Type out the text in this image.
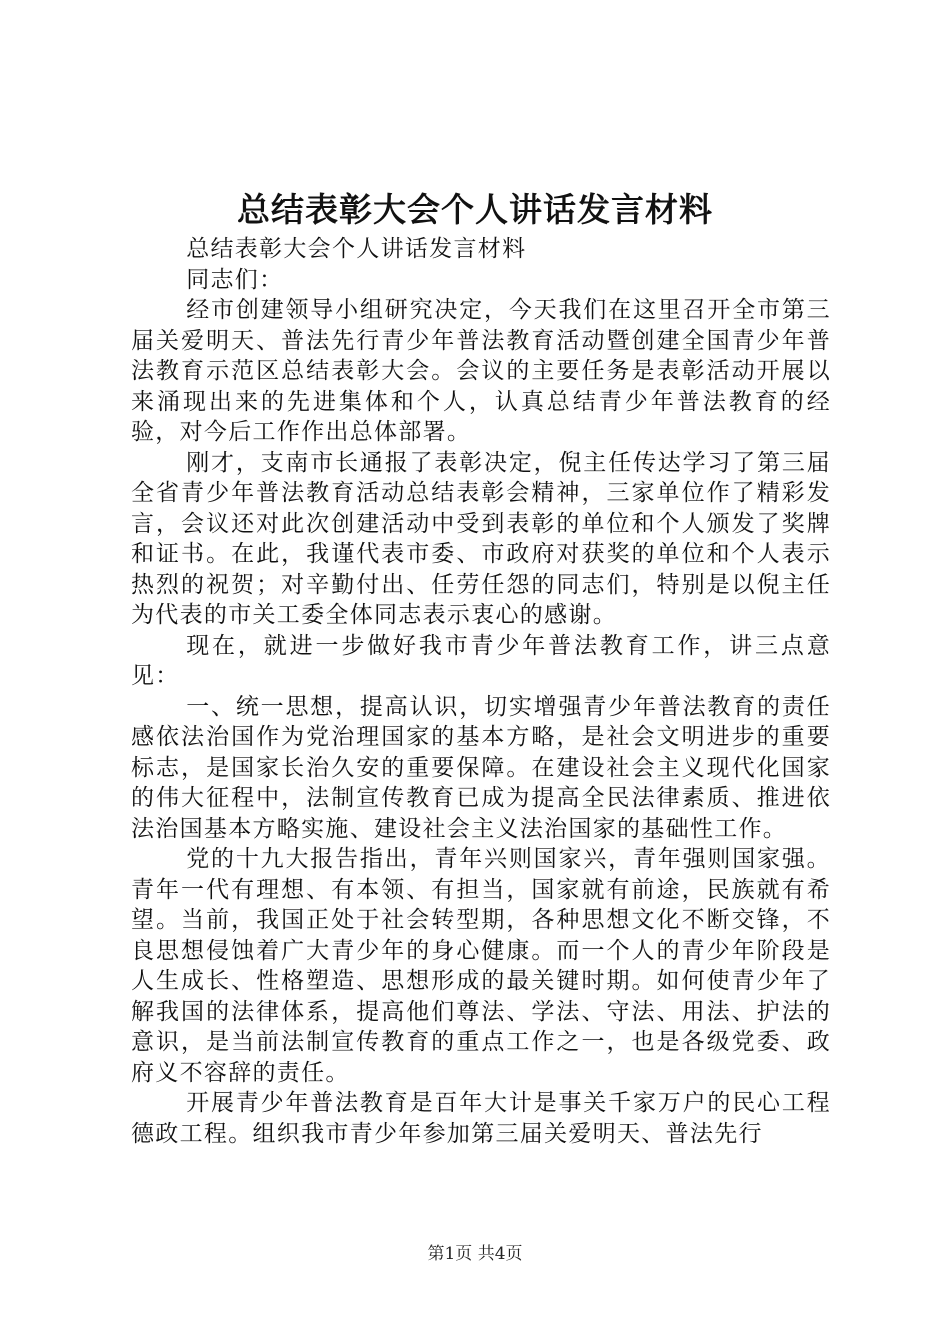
总结表彰大会个人讲话发言材料

总结表彰大会个人讲话发言材料

同志们：

经市创建领导小组研究决定，今天我们在这里召开全市第三届关爱明天、普法先行青少年普法教育活动暨创建全国青少年普法教育示范区总结表彰大会。会议的主要任务是表彰活动开展以来涌现出来的先进集体和个人，认真总结青少年普法教育的经验，对今后工作作出总体部署。

刚才，支南市长通报了表彰决定，倪主任传达学习了第三届全省青少年普法教育活动总结表彰会精神，三家单位作了精彩发言，会议还对此次创建活动中受到表彰的单位和个人颁发了奖牌和证书。在此，我谨代表市委、市政府对获奖的单位和个人表示热烈的祝贺；对辛勤付出、任劳任怨的同志们，特别是以倪主任为代表的市关工委全体同志表示衷心的感谢。

现在，就进一步做好我市青少年普法教育工作，讲三点意见：

一、统一思想，提高认识，切实增强青少年普法教育的责任感依法治国作为党治理国家的基本方略，是社会文明进步的重要标志，是国家长治久安的重要保障。在建设社会主义现代化国家的伟大征程中，法制宣传教育已成为提高全民法律素质、推进依法治国基本方略实施、建设社会主义法治国家的基础性工作。

党的十九大报告指出，青年兴则国家兴，青年强则国家强。青年一代有理想、有本领、有担当，国家就有前途，民族就有希望。当前，我国正处于社会转型期，各种思想文化不断交锋，不良思想侵蚀着广大青少年的身心健康。而一个人的青少年阶段是人生成长、性格塑造、思想形成的最关键时期。如何使青少年了解我国的法律体系，提高他们尊法、学法、守法、用法、护法的意识，是当前法制宣传教育的重点工作之一，也是各级党委、政府义不容辞的责任。

开展青少年普法教育是百年大计是事关千家万户的民心工程德政工程。组织我市青少年参加第三届关爱明天、普法先行

第1页 共4页
